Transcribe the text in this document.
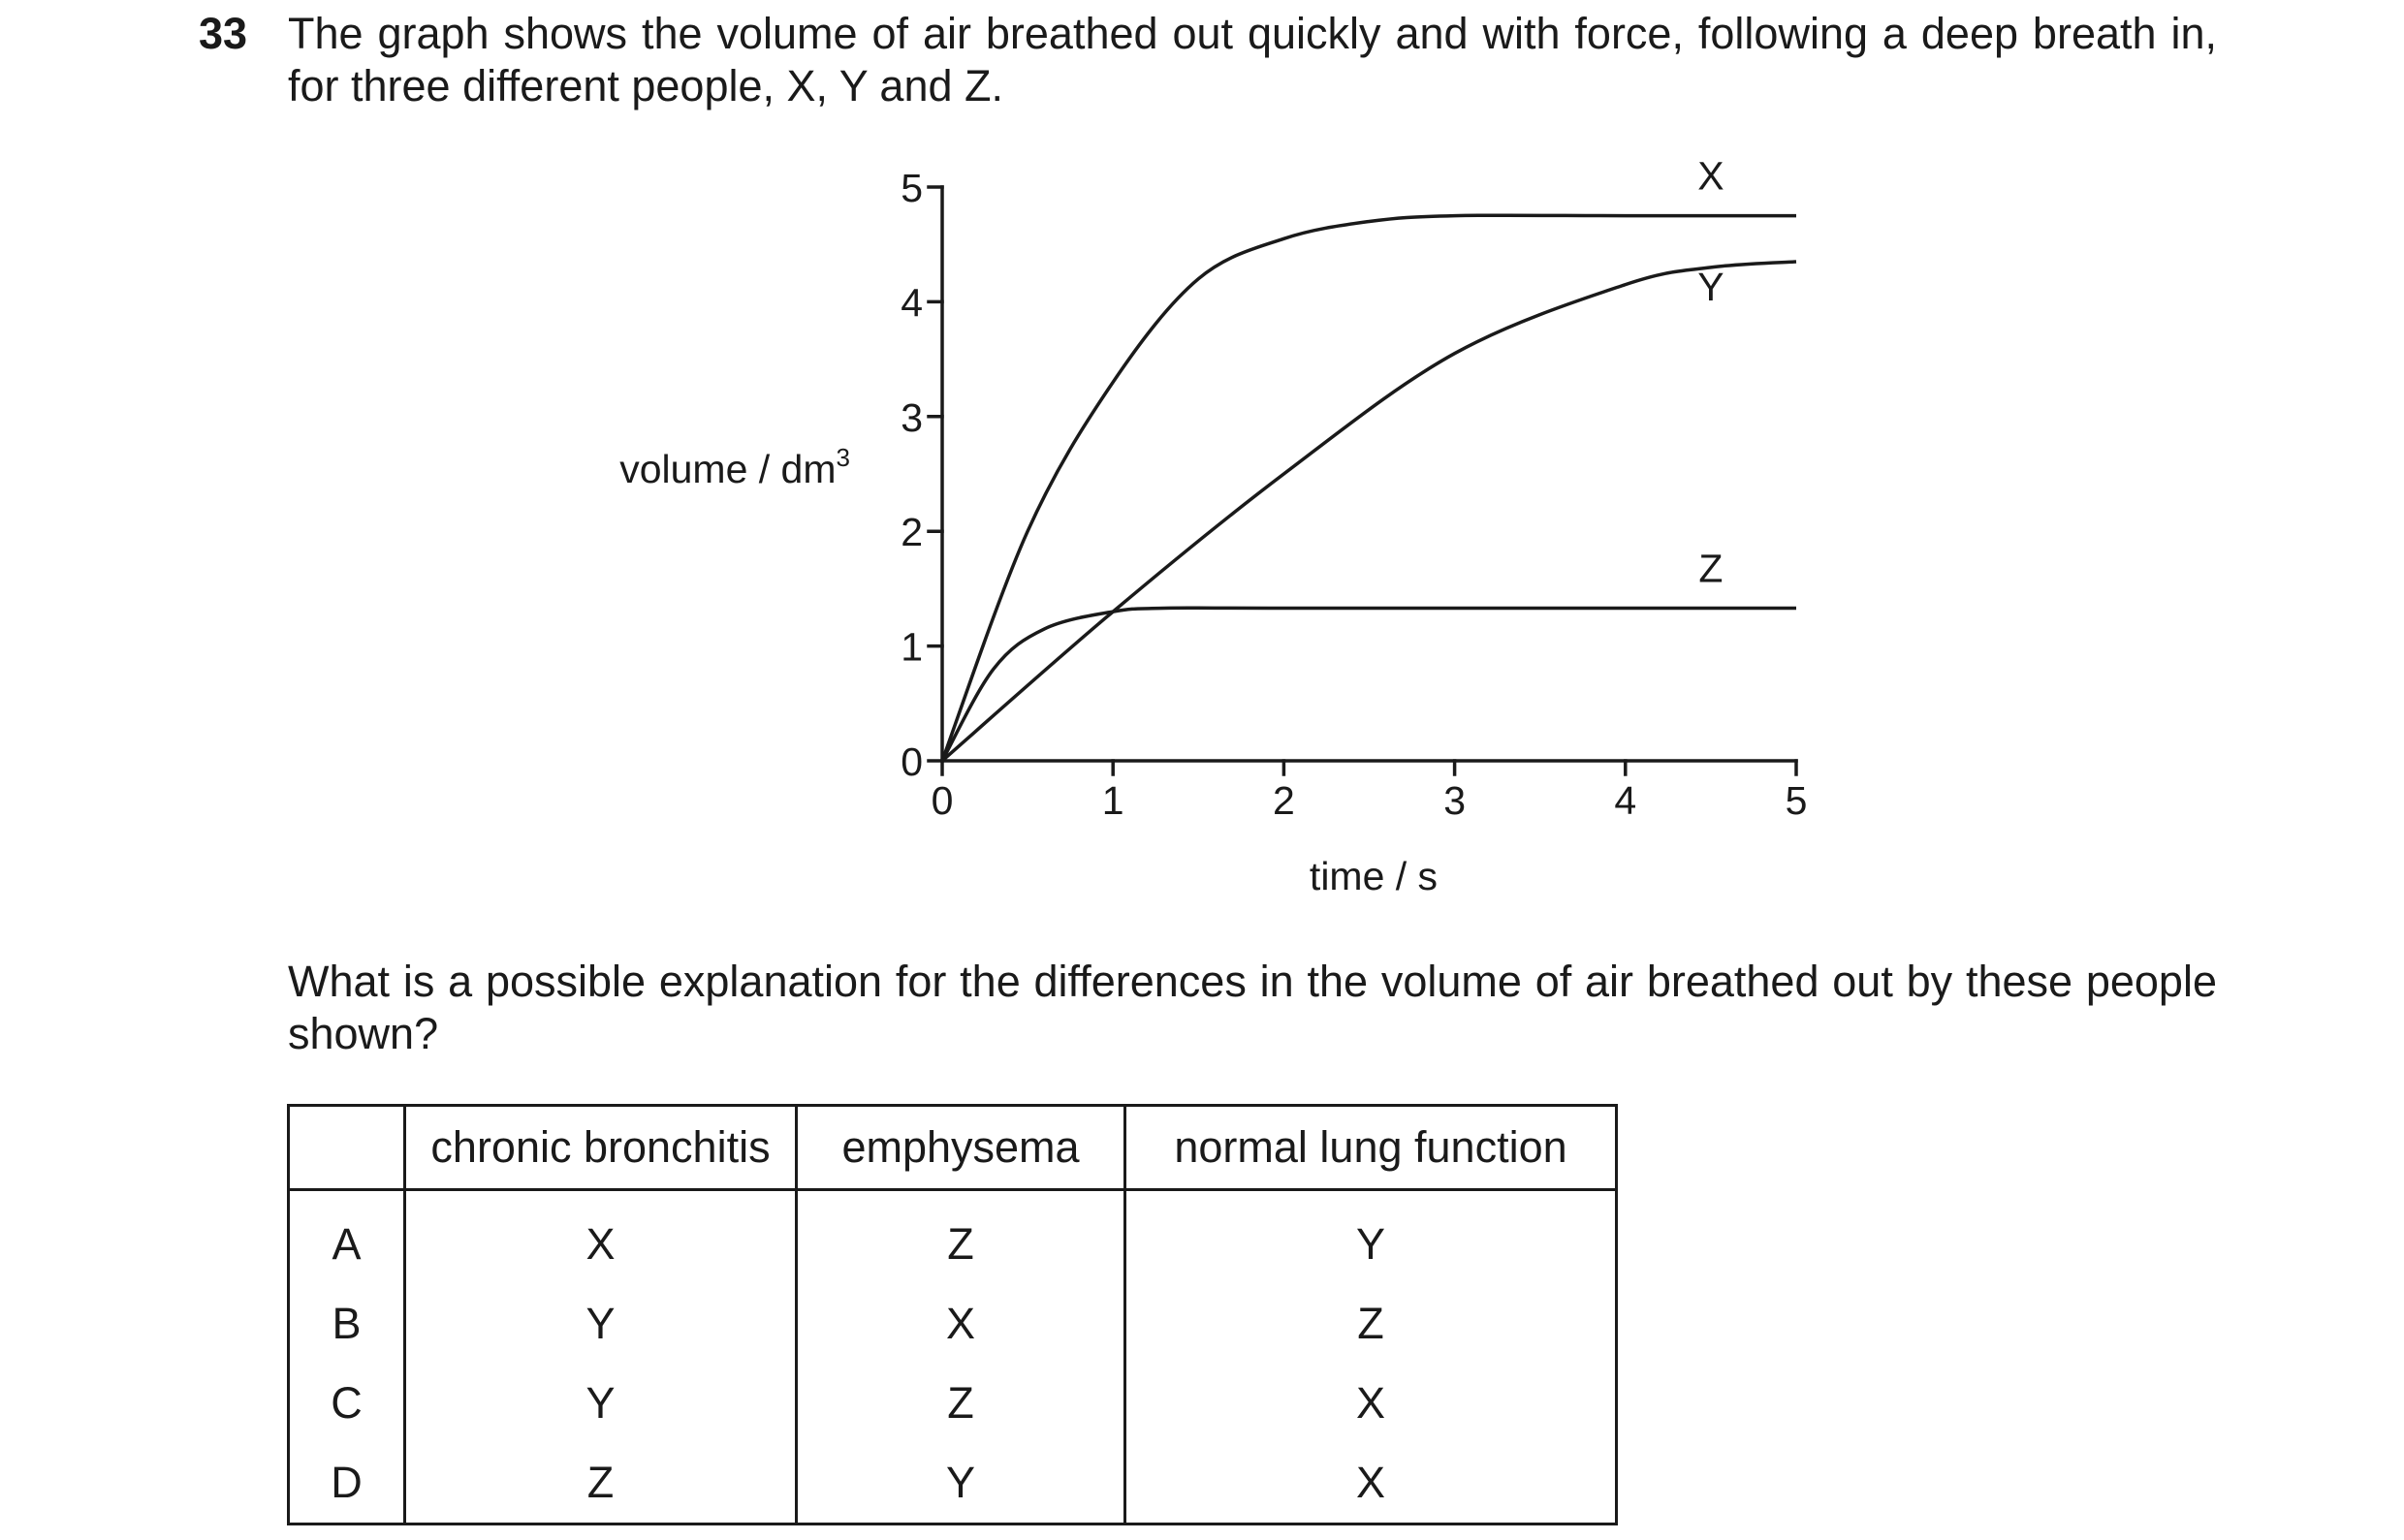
33 The graph shows the volume of air breathed out quickly and with force, following a deep breath in, for three different people, X, Y and Z.
0
1
2
3
4
5
0	1	2	3	4	5
X
Y
Z
volume / $dm^3$
time / s
What is a possible explanation for the differences in the volume of air breathed out by these people shown?
	chronic bronchitis	emphysema	normal lung function
A	X	Z	Y
B	Y	X	Z
C	Y	Z	X
D	Z	Y	X
